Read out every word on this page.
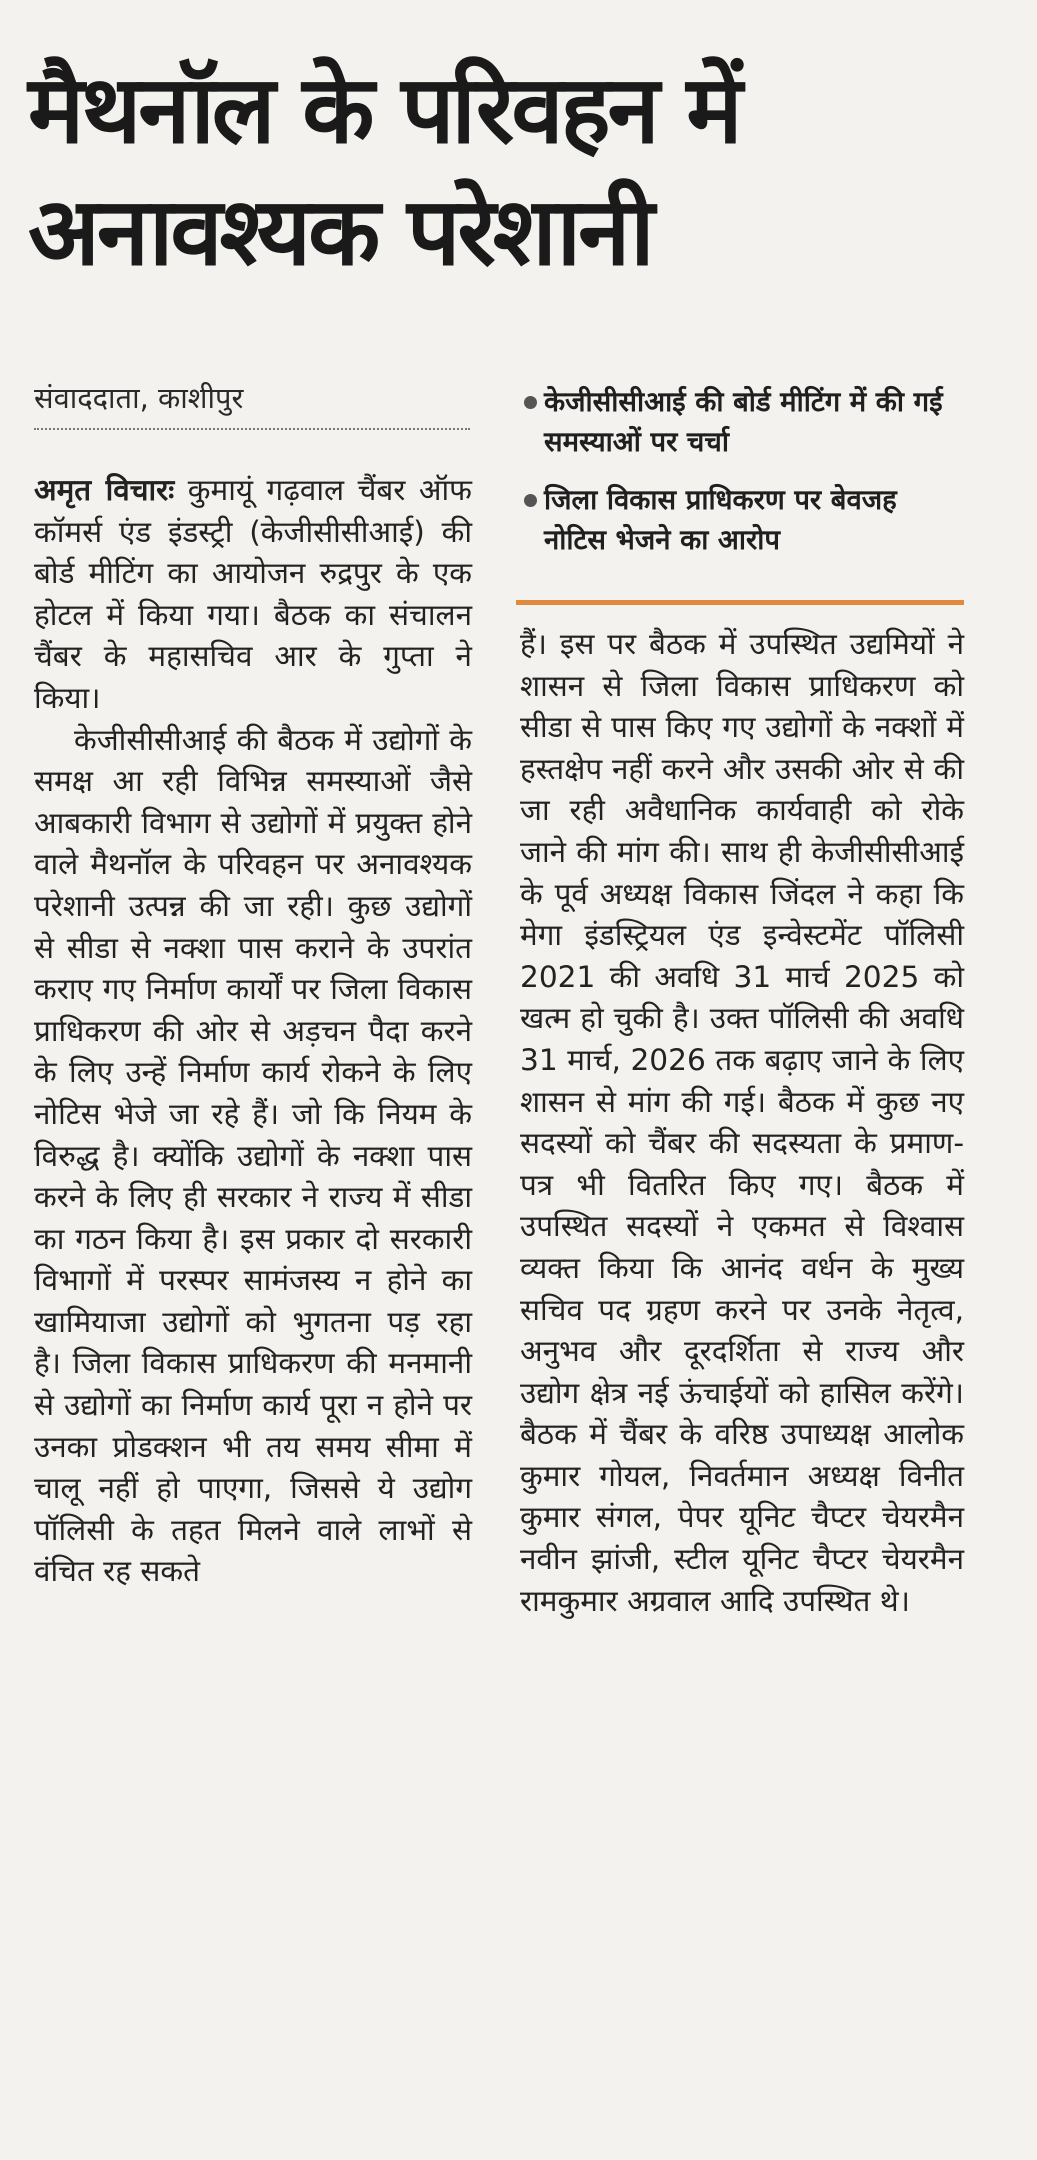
मैथनॉल के परिवहन में
अनावश्यक परेशानी
संवाददाता, काशीपुर	केजीसीसीआई की बोर्ड मीटिंग में की गई समस्याओं पर चर्चा
जिला विकास प्राधिकरण पर बेवजह नोटिस भेजने का आरोप

अमृत विचारः कुमायूं गढ़वाल चैंबर ऑफ कॉमर्स एंड इंडस्ट्री (केजीसीसीआई) की बोर्ड मीटिंग का आयोजन रुद्रपुर के एक होटल में किया गया। बैठक का संचालन चैंबर के महासचिव आर के गुप्ता ने किया।

केजीसीसीआई की बैठक में उद्योगों के समक्ष आ रही विभिन्न समस्याओं जैसे आबकारी विभाग से उद्योगों में प्रयुक्त होने वाले मैथनॉल के परिवहन पर अनावश्यक परेशानी उत्पन्न की जा रही। कुछ उद्योगों से सीडा से नक्शा पास कराने के उपरांत कराए गए निर्माण कार्यों पर जिला विकास प्राधिकरण की ओर से अड़चन पैदा करने के लिए उन्हें निर्माण कार्य रोकने के लिए नोटिस भेजे जा रहे हैं। जो कि नियम के विरुद्ध है। क्योंकि उद्योगों के नक्शा पास करने के लिए ही सरकार ने राज्य में सीडा का गठन किया है। इस प्रकार दो सरकारी विभागों में परस्पर सामंजस्य न होने का खामियाजा उद्योगों को भुगतना पड़ रहा है। जिला विकास प्राधिकरण की मनमानी से उद्योगों का निर्माण कार्य पूरा न होने पर उनका प्रोडक्शन भी तय समय सीमा में चालू नहीं हो पाएगा, जिससे ये उद्योग पॉलिसी के तहत मिलने वाले लाभों से वंचित रह सकते

हैं। इस पर बैठक में उपस्थित उद्यमियों ने शासन से जिला विकास प्राधिकरण को सीडा से पास किए गए उद्योगों के नक्शों में हस्तक्षेप नहीं करने और उसकी ओर से की जा रही अवैधानिक कार्यवाही को रोके जाने की मांग की। साथ ही केजीसीसीआई के पूर्व अध्यक्ष विकास जिंदल ने कहा कि मेगा इंडस्ट्रियल एंड इन्वेस्टमेंट पॉलिसी 2021 की अवधि 31 मार्च 2025 को खत्म हो चुकी है। उक्त पॉलिसी की अवधि 31 मार्च, 2026 तक बढ़ाए जाने के लिए शासन से मांग की गई। बैठक में कुछ नए सदस्यों को चैंबर की सदस्यता के प्रमाण-पत्र भी वितरित किए गए। बैठक में उपस्थित सदस्यों ने एकमत से विश्वास व्यक्त किया कि आनंद वर्धन के मुख्य सचिव पद ग्रहण करने पर उनके नेतृत्व, अनुभव और दूरदर्शिता से राज्य और उद्योग क्षेत्र नई ऊंचाईयों को हासिल करेंगे। बैठक में चैंबर के वरिष्ठ उपाध्यक्ष आलोक कुमार गोयल, निवर्तमान अध्यक्ष विनीत कुमार संगल, पेपर यूनिट चैप्टर चेयरमैन नवीन झांजी, स्टील यूनिट चैप्टर चेयरमैन रामकुमार अग्रवाल आदि उपस्थित थे।
